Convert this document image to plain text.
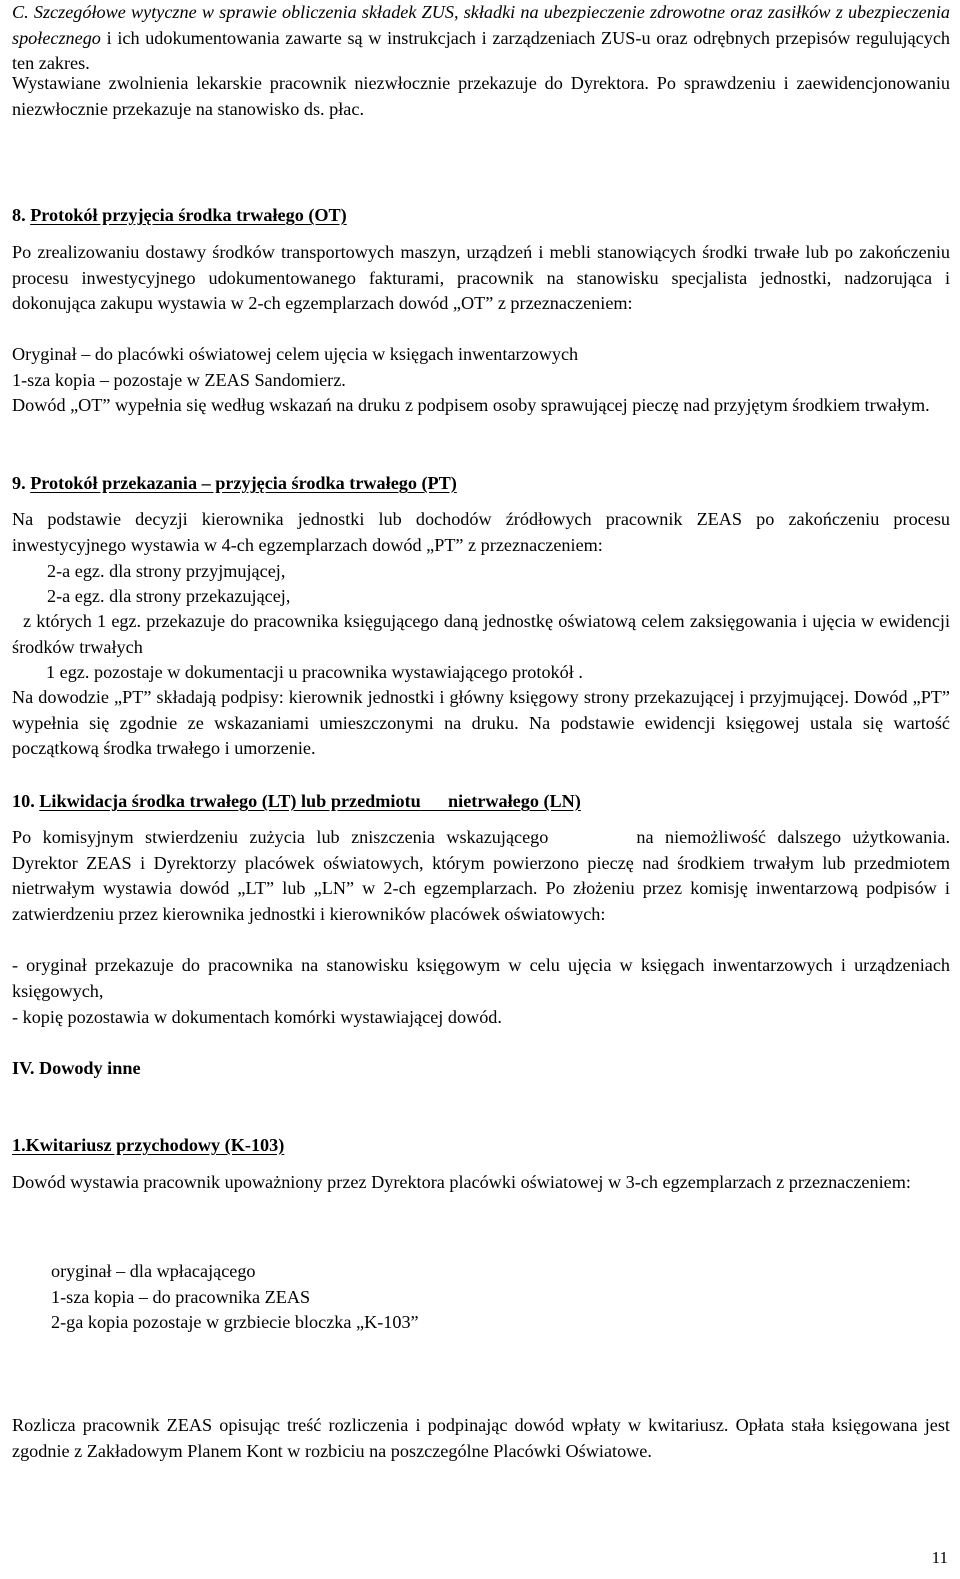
C. Szczegółowe wytyczne w sprawie obliczenia składek ZUS, składki na ubezpieczenie zdrowotne oraz zasiłków z ubezpieczenia społecznego i ich udokumentowania zawarte są w instrukcjach i zarządzeniach ZUS-u oraz odrębnych przepisów regulujących ten zakres.

Wystawiane zwolnienia lekarskie pracownik niezwłocznie przekazuje do Dyrektora. Po sprawdzeniu i zaewidencjonowaniu niezwłocznie przekazuje na stanowisko ds. płac.

8. Protokół przyjęcia środka trwałego (OT)

Po zrealizowaniu dostawy środków transportowych maszyn, urządzeń i mebli stanowiących środki trwałe lub po zakończeniu procesu inwestycyjnego udokumentowanego fakturami, pracownik na stanowisku specjalista jednostki, nadzorująca i dokonująca zakupu wystawia w 2-ch egzemplarzach dowód „OT” z przeznaczeniem:

Oryginał – do placówki oświatowej celem ujęcia w księgach inwentarzowych

1-sza kopia – pozostaje w ZEAS Sandomierz.

Dowód „OT” wypełnia się według wskazań na druku z podpisem osoby sprawującej pieczę nad przyjętym środkiem trwałym.

9. Protokół przekazania – przyjęcia środka trwałego (PT)

Na podstawie decyzji kierownika jednostki lub dochodów źródłowych pracownik ZEAS po zakończeniu procesu inwestycyjnego wystawia w 4-ch egzemplarzach dowód „PT” z przeznaczeniem:

2-a egz. dla strony przyjmującej,

2-a egz. dla strony przekazującej,

z których 1 egz. przekazuje do pracownika księgującego daną jednostkę oświatową celem zaksięgowania i ujęcia w ewidencji środków trwałych

1 egz. pozostaje w dokumentacji u pracownika wystawiającego protokół .

Na dowodzie „PT” składają podpisy: kierownik jednostki i główny księgowy strony przekazującej i przyjmującej. Dowód „PT” wypełnia się zgodnie ze wskazaniami umieszczonymi na druku. Na podstawie ewidencji księgowej ustala się wartość początkową środka trwałego i umorzenie.

10. Likwidacja środka trwałego (LT) lub przedmiotu nietrwałego (LN)

Po komisyjnym stwierdzeniu zużycia lub zniszczenia wskazującego	na niemożliwość dalszego użytkowania. Dyrektor ZEAS i Dyrektorzy placówek oświatowych, którym powierzono pieczę nad środkiem trwałym lub przedmiotem nietrwałym wystawia dowód „LT” lub „LN” w 2-ch egzemplarzach. Po złożeniu przez komisję inwentarzową podpisów i zatwierdzeniu przez kierownika jednostki i kierowników placówek oświatowych:

- oryginał przekazuje do pracownika na stanowisku księgowym w celu ujęcia w księgach inwentarzowych i urządzeniach księgowych,

- kopię pozostawia w dokumentach komórki wystawiającej dowód.

IV. Dowody inne

1.Kwitariusz przychodowy (K-103)

Dowód wystawia pracownik upoważniony przez Dyrektora placówki oświatowej w 3-ch egzemplarzach z przeznaczeniem:

oryginał – dla wpłacającego

1-sza kopia – do pracownika ZEAS

2-ga kopia pozostaje w grzbiecie bloczka „K-103”

Rozlicza pracownik ZEAS opisując treść rozliczenia i podpinając dowód wpłaty w kwitariusz. Opłata stała księgowana jest zgodnie z Zakładowym Planem Kont w rozbiciu na poszczególne Placówki Oświatowe.

11
